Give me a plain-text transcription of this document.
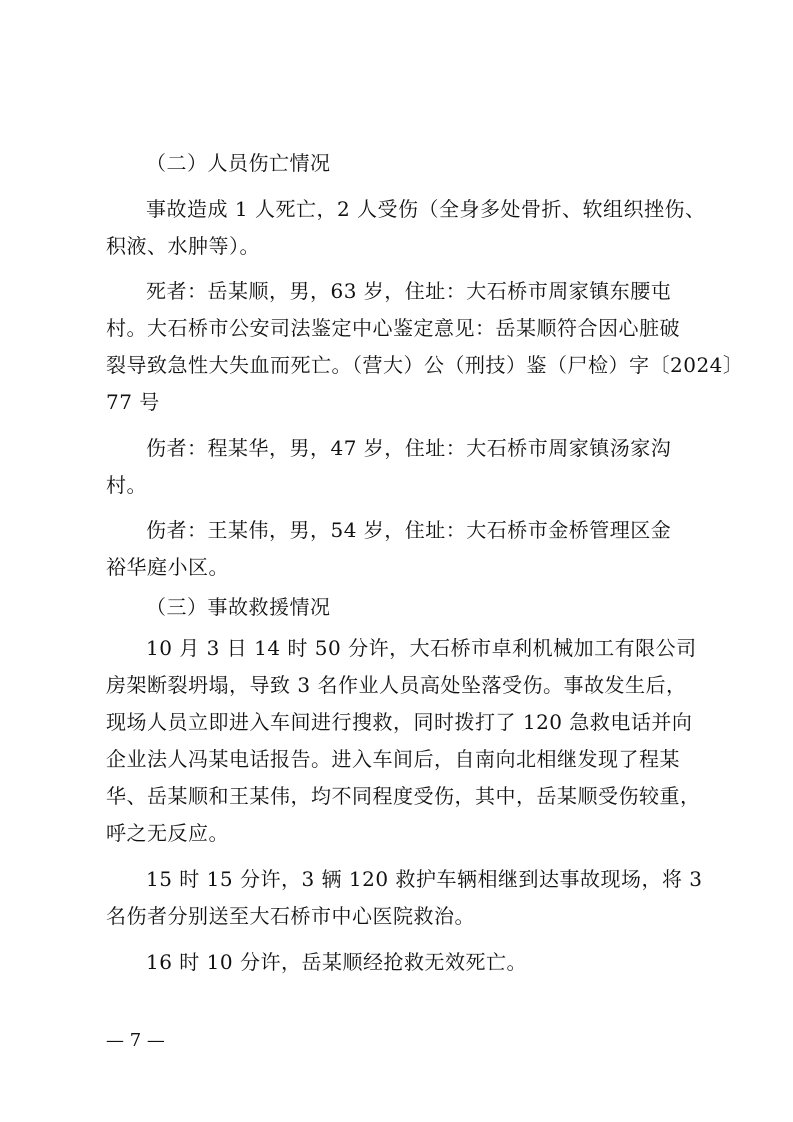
（二）人员伤亡情况
事故造成 1 人死亡，2 人受伤（全身多处骨折、软组织挫伤、
积液、水肿等）。
死者：岳某顺，男，63 岁，住址：大石桥市周家镇东腰屯
村。大石桥市公安司法鉴定中心鉴定意见：岳某顺符合因心脏破
裂导致急性大失血而死亡。（营大）公（刑技）鉴（尸检）字〔2024〕
77 号
伤者：程某华，男，47 岁，住址：大石桥市周家镇汤家沟
村。
伤者：王某伟，男，54 岁，住址：大石桥市金桥管理区金
裕华庭小区。
（三）事故救援情况
10 月 3 日 14 时 50 分许，大石桥市卓利机械加工有限公司
房架断裂坍塌，导致 3 名作业人员高处坠落受伤。事故发生后，
现场人员立即进入车间进行搜救，同时拨打了 120 急救电话并向
企业法人冯某电话报告。进入车间后，自南向北相继发现了程某
华、岳某顺和王某伟，均不同程度受伤，其中，岳某顺受伤较重，
呼之无反应。
15 时 15 分许，3 辆 120 救护车辆相继到达事故现场，将 3
名伤者分别送至大石桥市中心医院救治。
16 时 10 分许，岳某顺经抢救无效死亡。
— 7 —
